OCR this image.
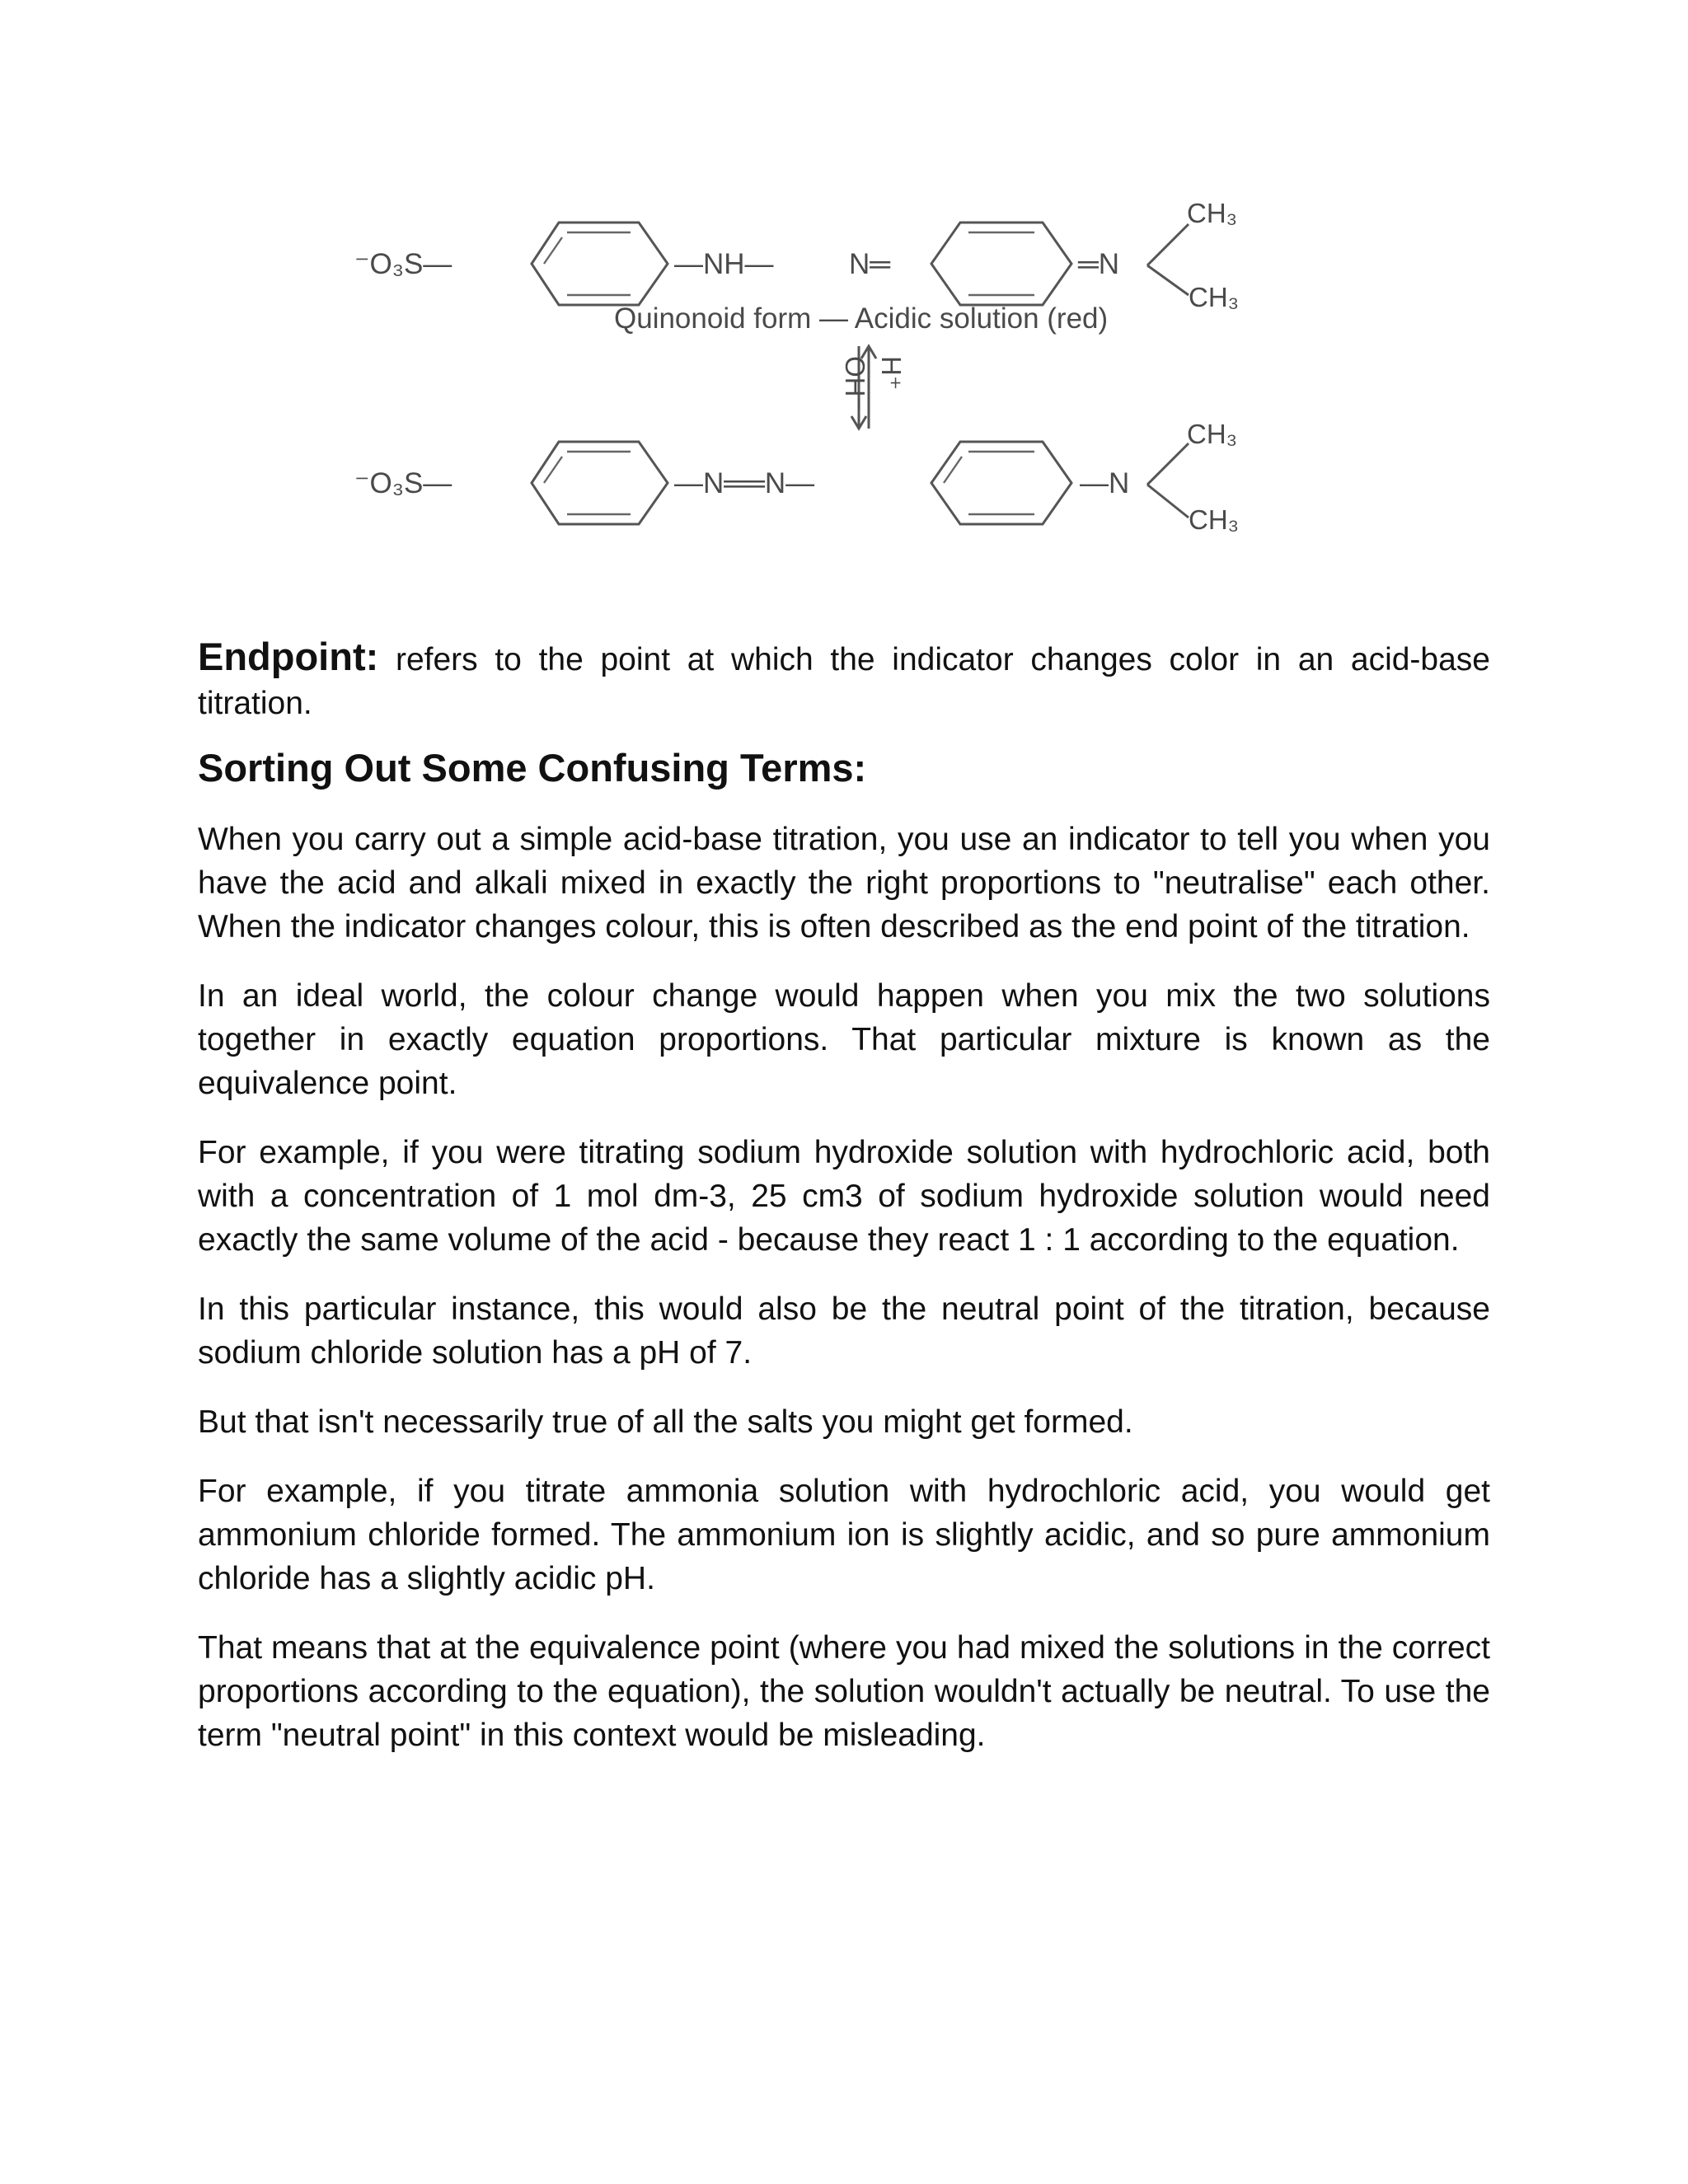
⁻O₃S—	—NH—	N═	═N
CH₃
CH₃
Quinonoid form — Acidic solution (red)
OH⁻ H⁺
⁻O₃S—	—N══N—	—N
CH₃
CH₃

Endpoint: refers to the point at which the indicator changes color in an acid-base titration.

Sorting Out Some Confusing Terms:

When you carry out a simple acid-base titration, you use an indicator to tell you when you have the acid and alkali mixed in exactly the right proportions to "neutralise" each other. When the indicator changes colour, this is often described as the end point of the titration.

In an ideal world, the colour change would happen when you mix the two solutions together in exactly equation proportions. That particular mixture is known as the equivalence point.

For example, if you were titrating sodium hydroxide solution with hydrochloric acid, both with a concentration of 1 mol dm-3, 25 cm3 of sodium hydroxide solution would need exactly the same volume of the acid - because they react 1 : 1 according to the equation.

In this particular instance, this would also be the neutral point of the titration, because sodium chloride solution has a pH of 7.

But that isn't necessarily true of all the salts you might get formed.

For example, if you titrate ammonia solution with hydrochloric acid, you would get ammonium chloride formed. The ammonium ion is slightly acidic, and so pure ammonium chloride has a slightly acidic pH.

That means that at the equivalence point (where you had mixed the solutions in the correct proportions according to the equation), the solution wouldn't actually be neutral. To use the term "neutral point" in this context would be misleading.
